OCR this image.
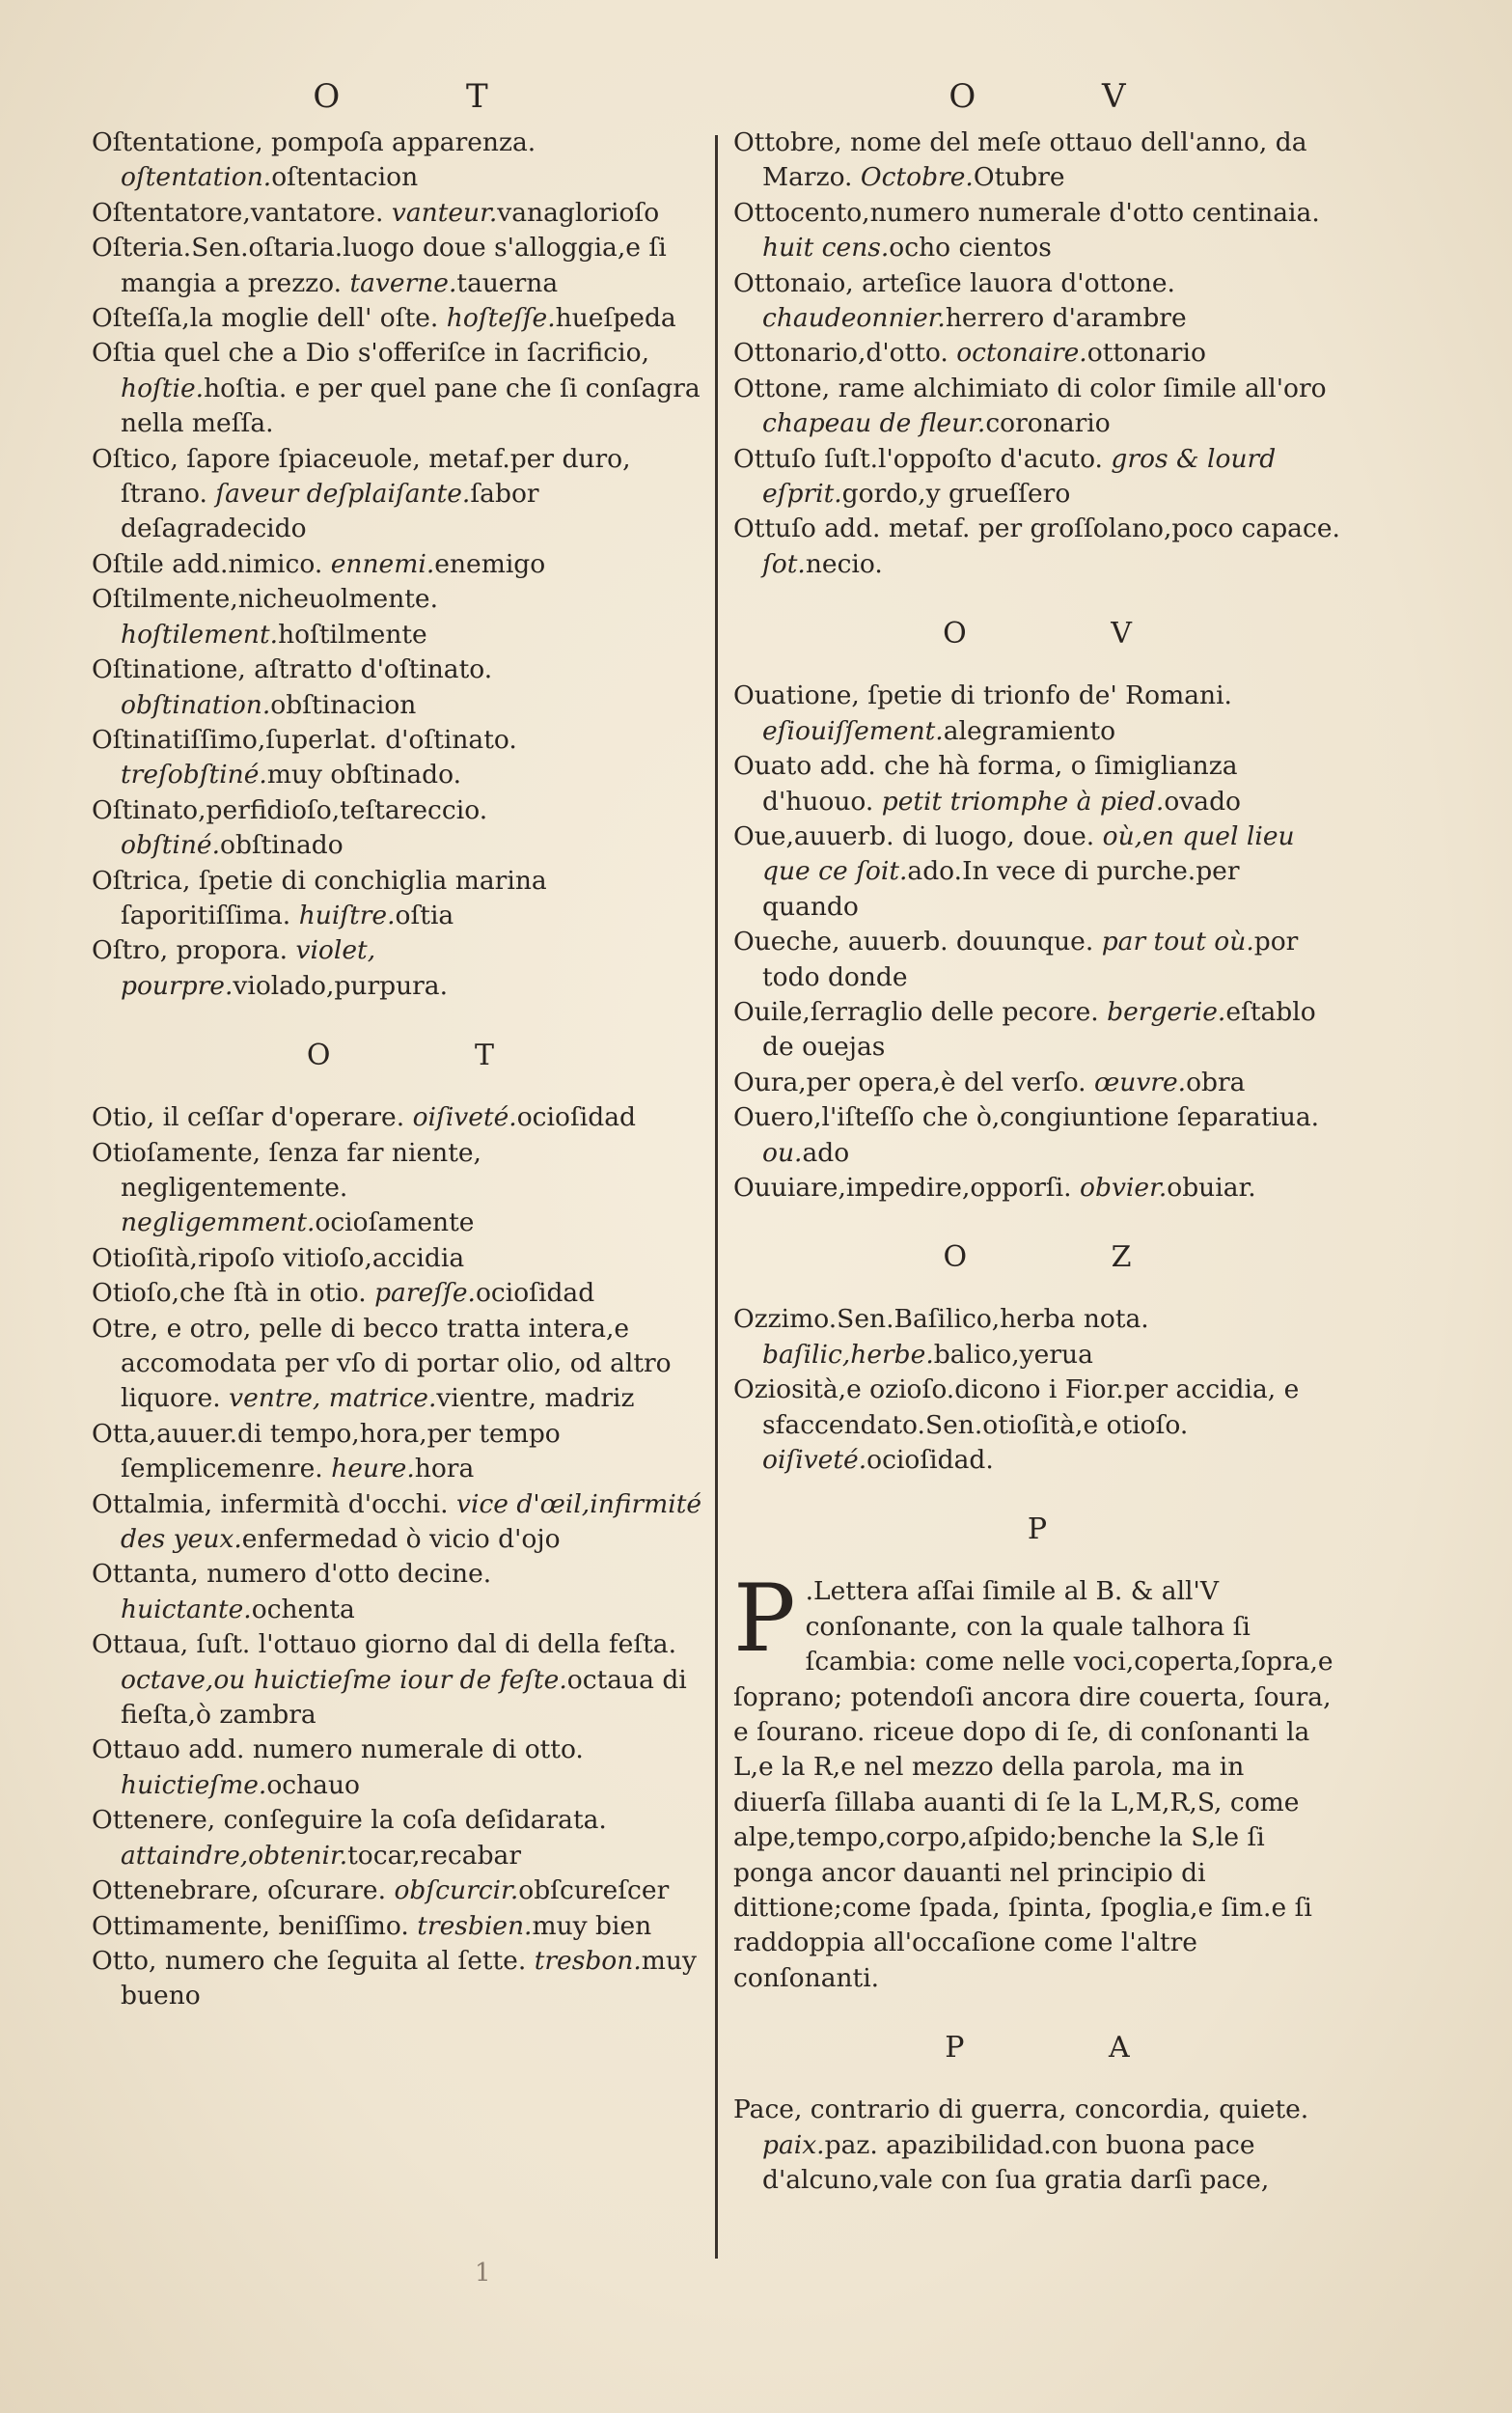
O T

Oſtentatione, pompoſa apparenza. oſtentation.oſtentacion

Oſtentatore,vantatore. vanteur.vanaglorioſo

Oſteria.Sen.oſtaria.luogo doue s'alloggia,e ſi mangia a prezzo. taverne.tauerna

Oſteſſa,la moglie dell' oſte. hoſteſſe.hueſpeda

Oſtia quel che a Dio s'offeriſce in ſacrificio, hoſtie.hoſtia. e per quel pane che ſi conſagra nella meſſa.

Oſtico, ſapore ſpiaceuole, metaf.per duro, ſtrano. ſaveur deſplaiſante.ſabor deſagradecido

Oſtile add.nimico. ennemi.enemigo

Oſtilmente,nicheuolmente. hoſtilement.hoſtilmente

Oſtinatione, aſtratto d'oſtinato. obſtination.obſtinacion

Oſtinatiſſimo,ſuperlat. d'oſtinato. treſobſtiné.muy obſtinado.

Oſtinato,perfidioſo,teſtareccio. obſtiné.obſtinado

Oſtrica, ſpetie di conchiglia marina ſaporitiſſima. huiſtre.oſtia

Oſtro, propora. violet, pourpre.violado,purpura.

O T

Otio, il ceſſar d'operare. oiſiveté.ocioſidad

Otioſamente, ſenza far niente, negligentemente. negligemment.ocioſamente

Otioſità,ripoſo vitioſo,accidia

Otioſo,che ſtà in otio. pareſſe.ocioſidad

Otre, e otro, pelle di becco tratta intera,e accomodata per vſo di portar olio, od altro liquore. ventre, matrice.vientre, madriz

Otta,auuer.di tempo,hora,per tempo ſemplicemenre. heure.hora

Ottalmia, infermità d'occhi. vice d'œil,infirmité des yeux.enfermedad ò vicio d'ojo

Ottanta, numero d'otto decine. huictante.ochenta

Ottaua, ſuſt. l'ottauo giorno dal di della feſta. octave,ou huictieſme iour de feſte.octaua di fieſta,ò zambra

Ottauo add. numero numerale di otto. huictieſme.ochauo

Ottenere, conſeguire la coſa deſidarata. attaindre,obtenir.tocar,recabar

Ottenebrare, oſcurare. obſcurcir.obſcureſcer

Ottimamente, beniſſimo. tresbien.muy bien

Otto, numero che ſeguita al ſette. tresbon.muy bueno

O V

Ottobre, nome del meſe ottauo dell'anno, da Marzo. Octobre.Otubre

Ottocento,numero numerale d'otto centinaia. huit cens.ocho cientos

Ottonaio, arteſice lauora d'ottone. chaudeonnier.herrero d'arambre

Ottonario,d'otto. octonaire.ottonario

Ottone, rame alchimiato di color ſimile all'oro chapeau de fleur.coronario

Ottuſo ſuſt.l'oppoſto d'acuto. gros & lourd eſprit.gordo,y grueſſero

Ottuſo add. metaf. per groſſolano,poco capace. ſot.necio.

O V

Ouatione, ſpetie di trionfo de' Romani. eſiouiſſement.alegramiento

Ouato add. che hà forma, o ſimiglianza d'huouo. petit triomphe à pied.ovado

Oue,auuerb. di luogo, doue. où,en quel lieu que ce ſoit.ado.In vece di purche.per quando

Oueche, auuerb. douunque. par tout où.por todo donde

Ouile,ſerraglio delle pecore. bergerie.eſtablo de ouejas

Oura,per opera,è del verſo. œuvre.obra

Ouero,l'iſteſſo che ò,congiuntione ſeparatiua. ou.ado

Ouuiare,impedire,opporſi. obvier.obuiar.

O Z

Ozzimo.Sen.Baſilico,herba nota. baſilic,herbe.balico,yerua

Oziosità,e ozioſo.dicono i Fior.per accidia, e sfaccendato.Sen.otioſità,e otioſo. oiſiveté.ocioſidad.

P

P .Lettera aſſai ſimile al B. & all'V conſonante, con la quale talhora ſi ſcambia: come nelle voci,coperta,ſopra,e ſoprano; potendoſi ancora dire couerta, ſoura, e ſourano. riceue dopo di ſe, di conſonanti la L,e la R,e nel mezzo della parola, ma in diuerſa ſillaba auanti di ſe la L,M,R,S, come alpe,tempo,corpo,aſpido;benche la S,le ſi ponga ancor dauanti nel principio di dittione;come ſpada, ſpinta, ſpoglia,e ſim.e ſi raddoppia all'occaſione come l'altre conſonanti.

P A

Pace, contrario di guerra, concordia, quiete. paix.paz. apazibilidad.con buona pace d'alcuno,vale con ſua gratia darſi pace,

1
